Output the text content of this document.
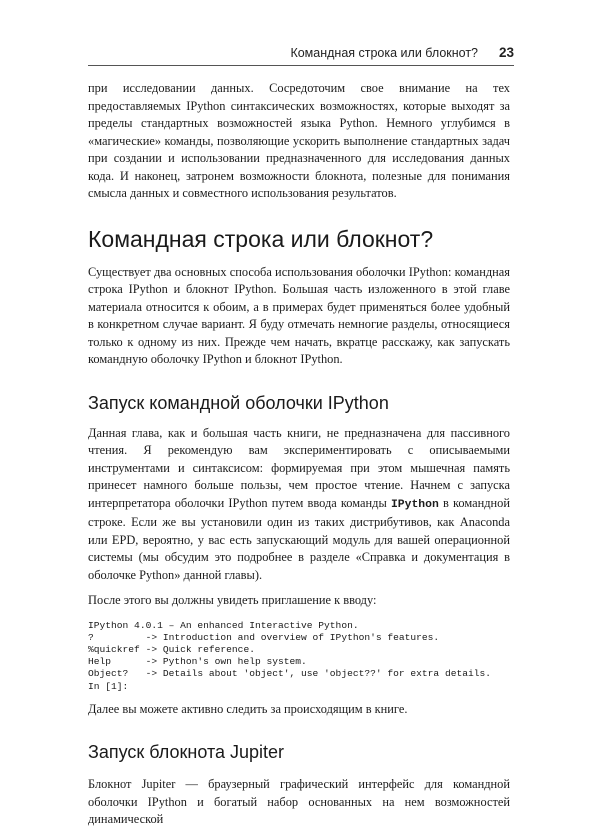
Командная строка или блокнот? 23

при исследовании данных. Сосредоточим свое внимание на тех предоставляемых IPython синтаксических возможностях, которые выходят за пределы стандартных возможностей языка Python. Немного углубимся в «магические» команды, позволяющие ускорить выполнение стандартных задач при создании и использовании предназначенного для исследования данных кода. И наконец, затронем возможности блокнота, полезные для понимания смысла данных и совместного использования результатов.

Командная строка или блокнот?

Существует два основных способа использования оболочки IPython: командная строка IPython и блокнот IPython. Большая часть изложенного в этой главе материала относится к обоим, а в примерах будет применяться более удобный в конкретном случае вариант. Я буду отмечать немногие разделы, относящиеся только к одному из них. Прежде чем начать, вкратце расскажу, как запускать командную оболочку IPython и блокнот IPython.

Запуск командной оболочки IPython

Данная глава, как и большая часть книги, не предназначена для пассивного чтения. Я рекомендую вам экспериментировать с описываемыми инструментами и синтаксисом: формируемая при этом мышечная память принесет намного больше пользы, чем простое чтение. Начнем с запуска интерпретатора оболочки IPython путем ввода команды IPython в командной строке. Если же вы установили один из таких дистрибутивов, как Anaconda или EPD, вероятно, у вас есть запускающий модуль для вашей операционной системы (мы обсудим это подробнее в разделе «Справка и документация в оболочке Python» данной главы).

После этого вы должны увидеть приглашение к вводу:

IPython 4.0.1 – An enhanced Interactive Python.
?         -> Introduction and overview of IPython's features.
%quickref -> Quick reference.
Help      -> Python's own help system.
Object?   -> Details about 'object', use 'object??' for extra details.
In [1]:

Далее вы можете активно следить за происходящим в книге.

Запуск блокнота Jupiter

Блокнот Jupiter — браузерный графический интерфейс для командной оболочки IPython и богатый набор основанных на нем возможностей динамической
